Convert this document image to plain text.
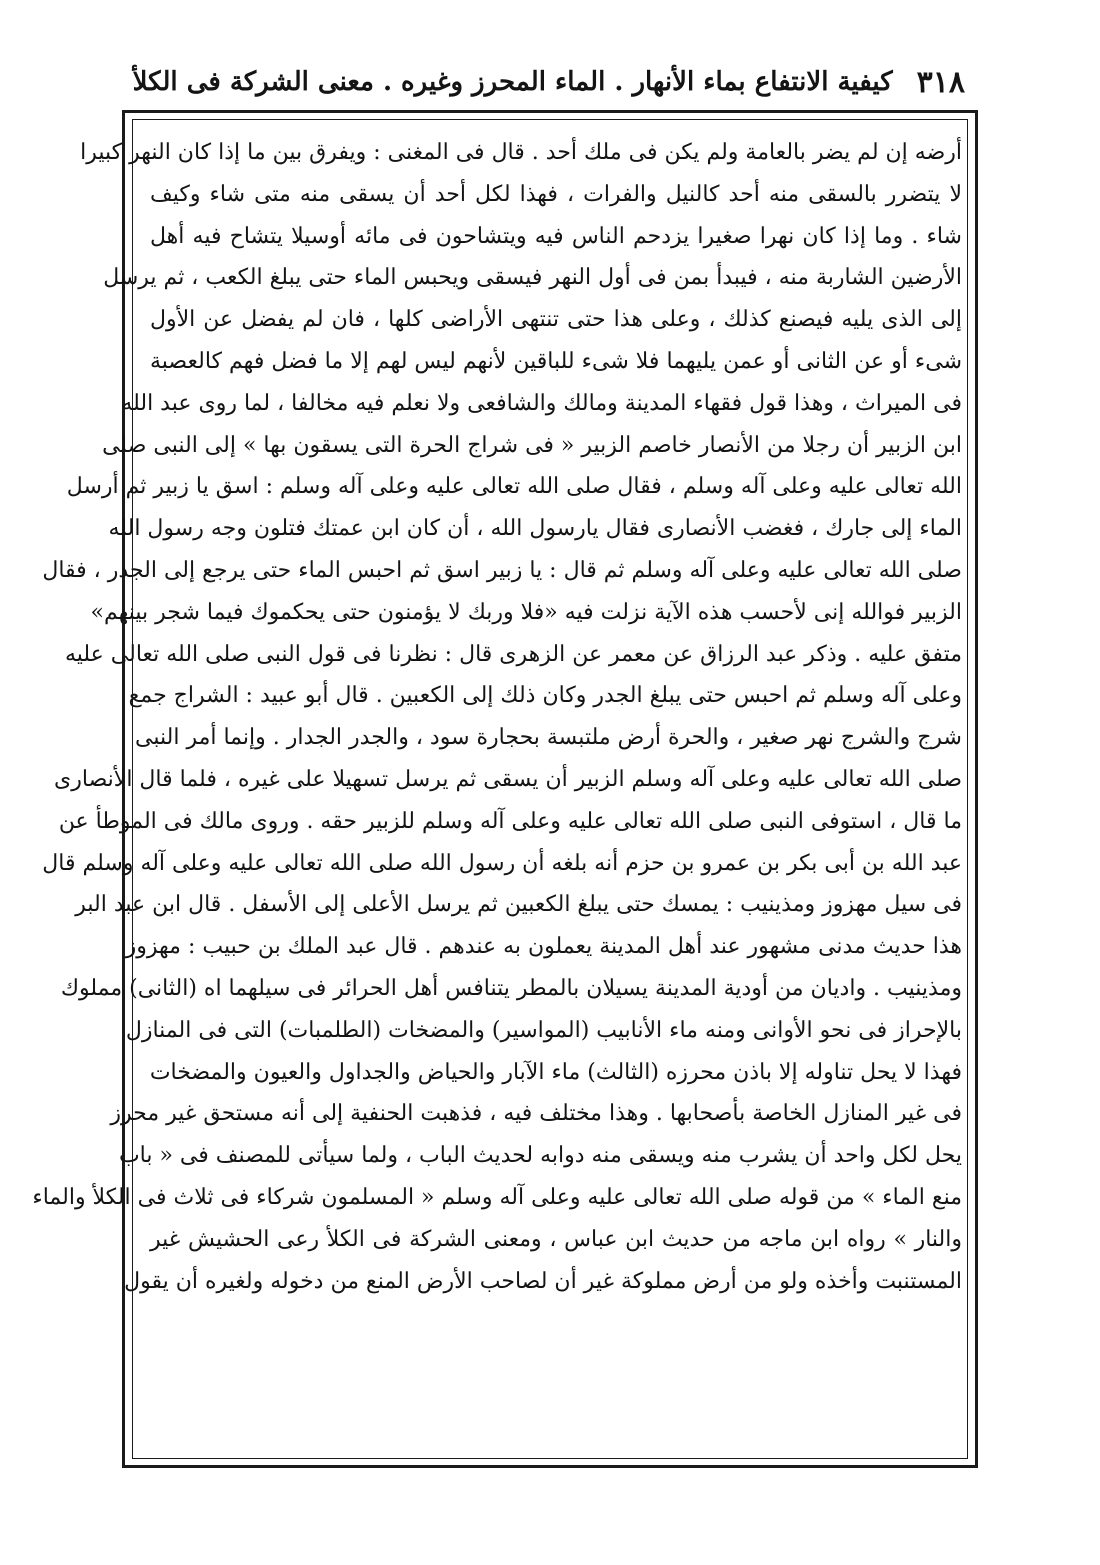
٣١٨
كيفية الانتفاع بماء الأنهار . الماء المحرز وغيره . معنى الشركة فى الكلأ
أرضه إن لم يضر بالعامة ولم يكن فى ملك أحد . قال فى المغنى : ويفرق بين ما إذا كان النهر كبيرا
لا يتضرر بالسقى منه أحد كالنيل والفرات ، فهذا لكل أحد أن يسقى منه متى شاء وكيف
شاء . وما إذا كان نهرا صغيرا يزدحم الناس فيه ويتشاحون فى مائه أوسيلا يتشاح فيه أهل
الأرضين الشاربة منه ، فيبدأ بمن فى أول النهر فيسقى ويحبس الماء حتى يبلغ الكعب ، ثم يرسل
إلى الذى يليه فيصنع كذلك ، وعلى هذا حتى تنتهى الأراضى كلها ، فان لم يفضل عن الأول
شىء أو عن الثانى أو عمن يليهما فلا شىء للباقين لأنهم ليس لهم إلا ما فضل فهم كالعصبة
فى الميراث ، وهذا قول فقهاء المدينة ومالك والشافعى ولا نعلم فيه مخالفا ، لما روى عبد الله
ابن الزبير أن رجلا من الأنصار خاصم الزبير « فى شراج الحرة التى يسقون بها » إلى النبى صلى
الله تعالى عليه وعلى آله وسلم ، فقال صلى الله تعالى عليه وعلى آله وسلم : اسق يا زبير ثم أرسل
الماء إلى جارك ، فغضب الأنصارى فقال يارسول الله ، أن كان ابن عمتك فتلون وجه رسول الله
صلى الله تعالى عليه وعلى آله وسلم ثم قال : يا زبير اسق ثم احبس الماء حتى يرجع إلى الجدر ، فقال
الزبير فوالله إنى لأحسب هذه الآية نزلت فيه «فلا وربك لا يؤمنون حتى يحكموك فيما شجر بينهم»
متفق عليه . وذكر عبد الرزاق عن معمر عن الزهرى قال : نظرنا فى قول النبى صلى الله تعالى عليه
وعلى آله وسلم ثم احبس حتى يبلغ الجدر وكان ذلك إلى الكعبين . قال أبو عبيد : الشراج جمع
شرج والشرج نهر صغير ، والحرة أرض ملتبسة بحجارة سود ، والجدر الجدار . وإنما أمر النبى
صلى الله تعالى عليه وعلى آله وسلم الزبير أن يسقى ثم يرسل تسهيلا على غيره ، فلما قال الأنصارى
ما قال ، استوفى النبى صلى الله تعالى عليه وعلى آله وسلم للزبير حقه . وروى مالك فى الموطأ عن
عبد الله بن أبى بكر بن عمرو بن حزم أنه بلغه أن رسول الله صلى الله تعالى عليه وعلى آله وسلم قال
فى سيل مهزوز ومذينيب : يمسك حتى يبلغ الكعبين ثم يرسل الأعلى إلى الأسفل . قال ابن عبد البر
هذا حديث مدنى مشهور عند أهل المدينة يعملون به عندهم . قال عبد الملك بن حبيب : مهزوز
ومذينيب . واديان من أودية المدينة يسيلان بالمطر يتنافس أهل الحرائر فى سيلهما اه (الثانى) مملوك
بالإحراز فى نحو الأوانى ومنه ماء الأنابيب (المواسير) والمضخات (الطلمبات) التى فى المنازل
فهذا لا يحل تناوله إلا باذن محرزه (الثالث) ماء الآبار والحياض والجداول والعيون والمضخات
فى غير المنازل الخاصة بأصحابها . وهذا مختلف فيه ، فذهبت الحنفية إلى أنه مستحق غير محرز
يحل لكل واحد أن يشرب منه ويسقى منه دوابه لحديث الباب ، ولما سيأتى للمصنف فى « باب
منع الماء » من قوله صلى الله تعالى عليه وعلى آله وسلم « المسلمون شركاء فى ثلاث فى الكلأ والماء
والنار » رواه ابن ماجه من حديث ابن عباس ، ومعنى الشركة فى الكلأ رعى الحشيش غير
المستنبت وأخذه ولو من أرض مملوكة غير أن لصاحب الأرض المنع من دخوله ولغيره أن يقول
